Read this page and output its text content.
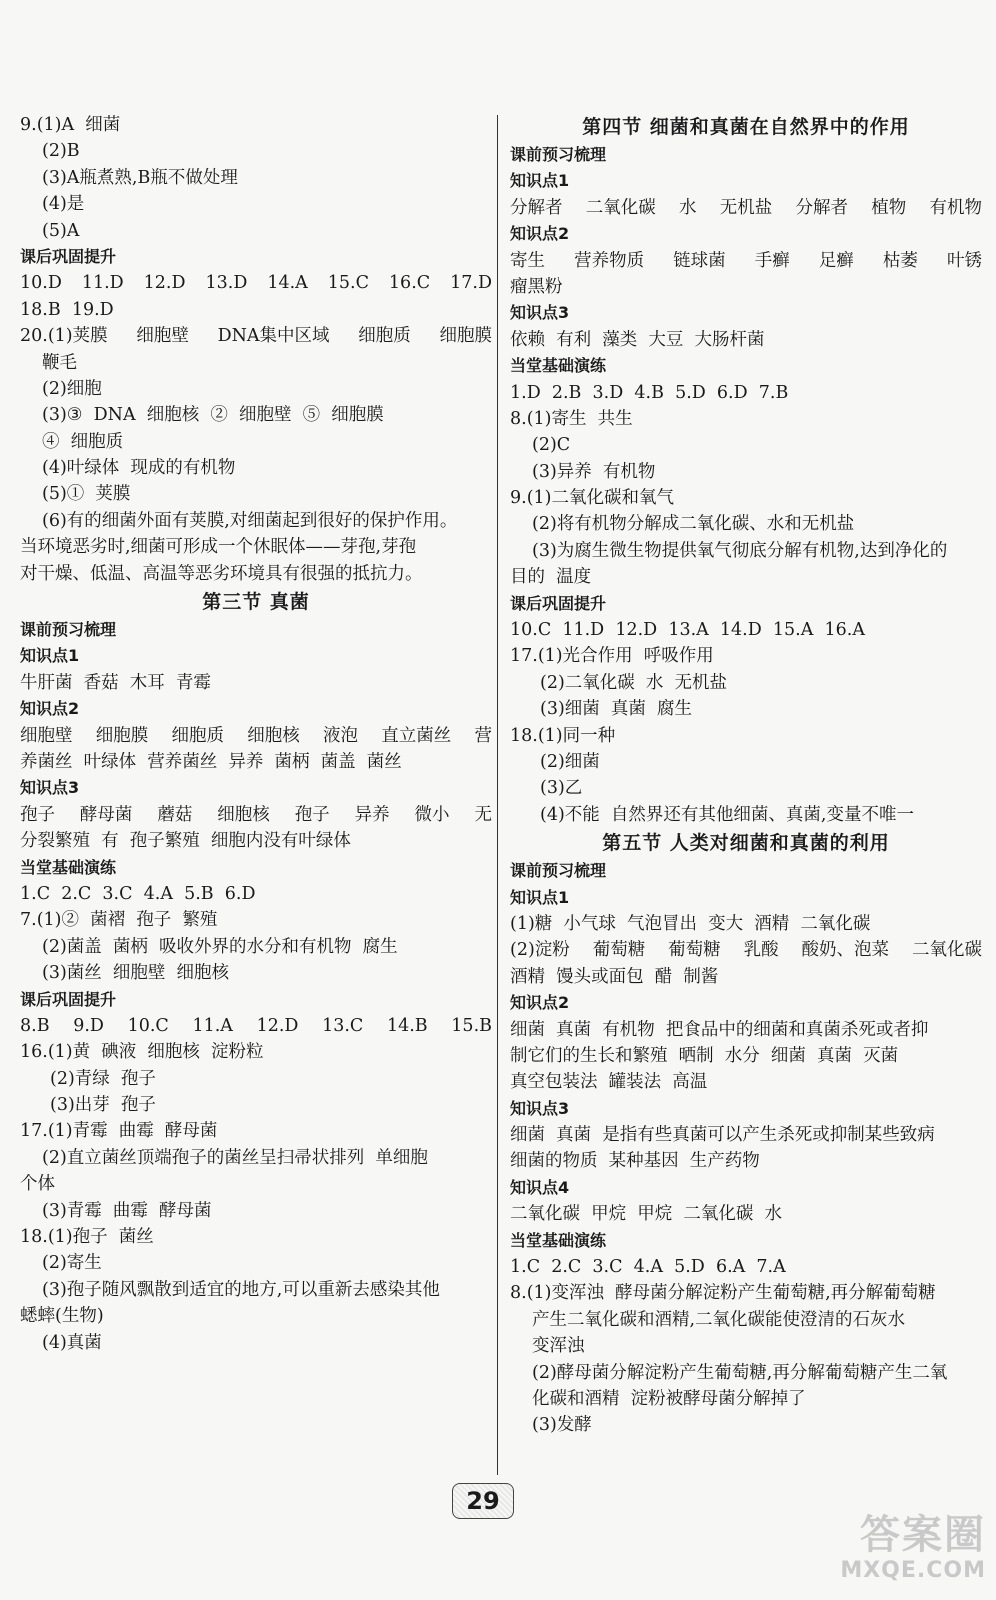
9.(1)A  细菌
(2)B
(3)A瓶煮熟,B瓶不做处理
(4)是
(5)A
课后巩固提升
10.D 11.D 12.D 13.D 14.A 15.C 16.C 17.D
18.B  19.D
20.(1)荚膜 细胞壁 DNA集中区域 细胞质 细胞膜
鞭毛
(2)细胞
(3)③  DNA  细胞核  ②  细胞壁  ⑤  细胞膜
④  细胞质
(4)叶绿体  现成的有机物
(5)①  荚膜
(6)有的细菌外面有荚膜,对细菌起到很好的保护作用。
当环境恶劣时,细菌可形成一个休眠体——芽孢,芽孢
对干燥、低温、高温等恶劣环境具有很强的抵抗力。
第三节 真菌
课前预习梳理
知识点1
牛肝菌  香菇  木耳  青霉
知识点2
细胞壁 细胞膜 细胞质 细胞核 液泡 直立菌丝 营
养菌丝  叶绿体  营养菌丝  异养  菌柄  菌盖  菌丝
知识点3
孢子 酵母菌 蘑菇 细胞核 孢子 异养 微小 无
分裂繁殖  有  孢子繁殖  细胞内没有叶绿体
当堂基础演练
1.C  2.C  3.C  4.A  5.B  6.D
7.(1)②  菌褶  孢子  繁殖
(2)菌盖  菌柄  吸收外界的水分和有机物  腐生
(3)菌丝  细胞壁  细胞核
课后巩固提升
8.B 9.D 10.C 11.A 12.D 13.C 14.B 15.B
16.(1)黄  碘液  细胞核  淀粉粒
(2)青绿  孢子
(3)出芽  孢子
17.(1)青霉  曲霉  酵母菌
(2)直立菌丝顶端孢子的菌丝呈扫帚状排列  单细胞
个体
(3)青霉  曲霉  酵母菌
18.(1)孢子  菌丝
(2)寄生
(3)孢子随风飘散到适宜的地方,可以重新去感染其他
蟋蟀(生物)
(4)真菌
第四节 细菌和真菌在自然界中的作用
课前预习梳理
知识点1
分解者 二氧化碳 水 无机盐 分解者 植物 有机物
知识点2
寄生 营养物质 链球菌 手癣 足癣 枯萎 叶锈
瘤黑粉
知识点3
依赖  有利  藻类  大豆  大肠杆菌
当堂基础演练
1.D  2.B  3.D  4.B  5.D  6.D  7.B
8.(1)寄生  共生
(2)C
(3)异养  有机物
9.(1)二氧化碳和氧气
(2)将有机物分解成二氧化碳、水和无机盐
(3)为腐生微生物提供氧气彻底分解有机物,达到净化的
目的  温度
课后巩固提升
10.C  11.D  12.D  13.A  14.D  15.A  16.A
17.(1)光合作用  呼吸作用
(2)二氧化碳  水  无机盐
(3)细菌  真菌  腐生
18.(1)同一种
(2)细菌
(3)乙
(4)不能  自然界还有其他细菌、真菌,变量不唯一
第五节 人类对细菌和真菌的利用
课前预习梳理
知识点1
(1)糖  小气球  气泡冒出  变大  酒精  二氧化碳
(2)淀粉 葡萄糖 葡萄糖 乳酸 酸奶、泡菜 二氧化碳
酒精  馒头或面包  醋  制酱
知识点2
细菌  真菌  有机物  把食品中的细菌和真菌杀死或者抑
制它们的生长和繁殖  晒制  水分  细菌  真菌  灭菌
真空包装法  罐装法  高温
知识点3
细菌  真菌  是指有些真菌可以产生杀死或抑制某些致病
细菌的物质  某种基因  生产药物
知识点4
二氧化碳  甲烷  甲烷  二氧化碳  水
当堂基础演练
1.C  2.C  3.C  4.A  5.D  6.A  7.A
8.(1)变浑浊  酵母菌分解淀粉产生葡萄糖,再分解葡萄糖
产生二氧化碳和酒精,二氧化碳能使澄清的石灰水
变浑浊
(2)酵母菌分解淀粉产生葡萄糖,再分解葡萄糖产生二氧
化碳和酒精  淀粉被酵母菌分解掉了
(3)发酵
29
答案圈
MXQE.COM
